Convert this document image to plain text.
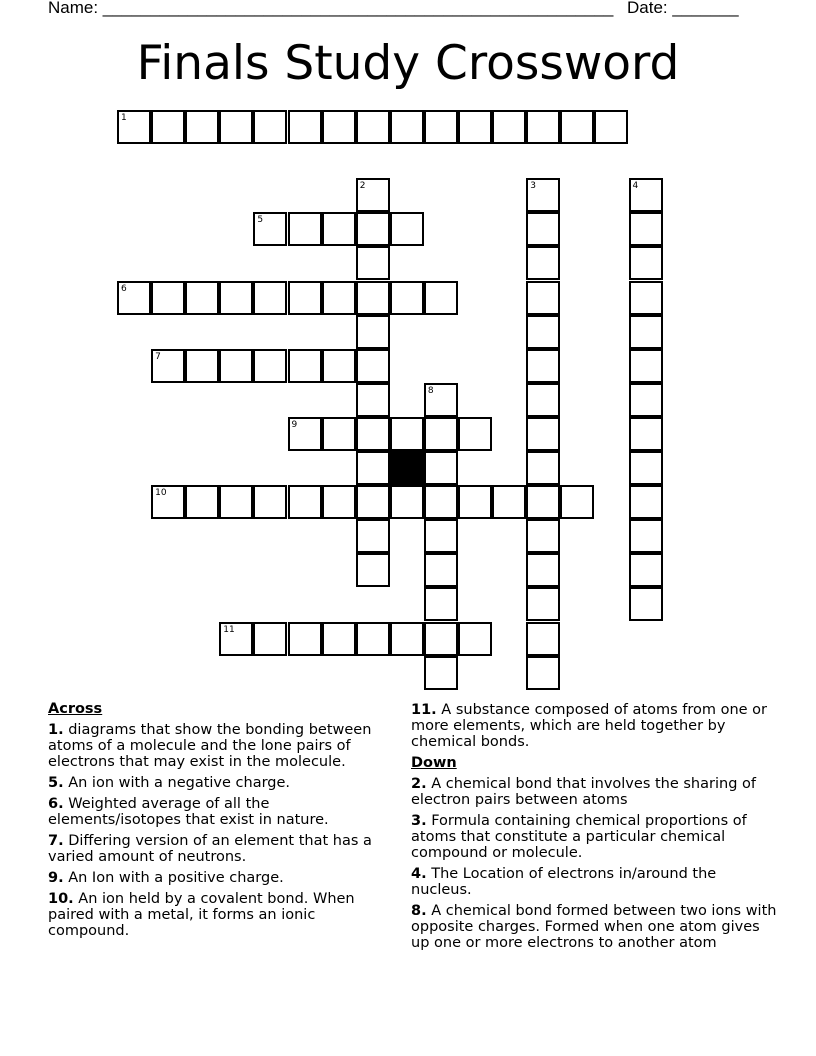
Name: ______________________________________________________ Date: _______
Finals Study Crossword
1
2	3	4
5
6
7
8
9
10
11
Across
1. diagrams that show the bonding between atoms of a molecule and the lone pairs of electrons that may exist in the molecule.
5. An ion with a negative charge.
6. Weighted average of all the elements/isotopes that exist in nature.
7. Differing version of an element that has a varied amount of neutrons.
9. An Ion with a positive charge.
10. An ion held by a covalent bond. When paired with a metal, it forms an ionic compound.
11. A substance composed of atoms from one or more elements, which are held together by chemical bonds.
Down
2. A chemical bond that involves the sharing of electron pairs between atoms
3. Formula containing chemical proportions of atoms that constitute a particular chemical compound or molecule.
4. The Location of electrons in/around the nucleus.
8. A chemical bond formed between two ions with opposite charges. Formed when one atom gives up one or more electrons to another atom
